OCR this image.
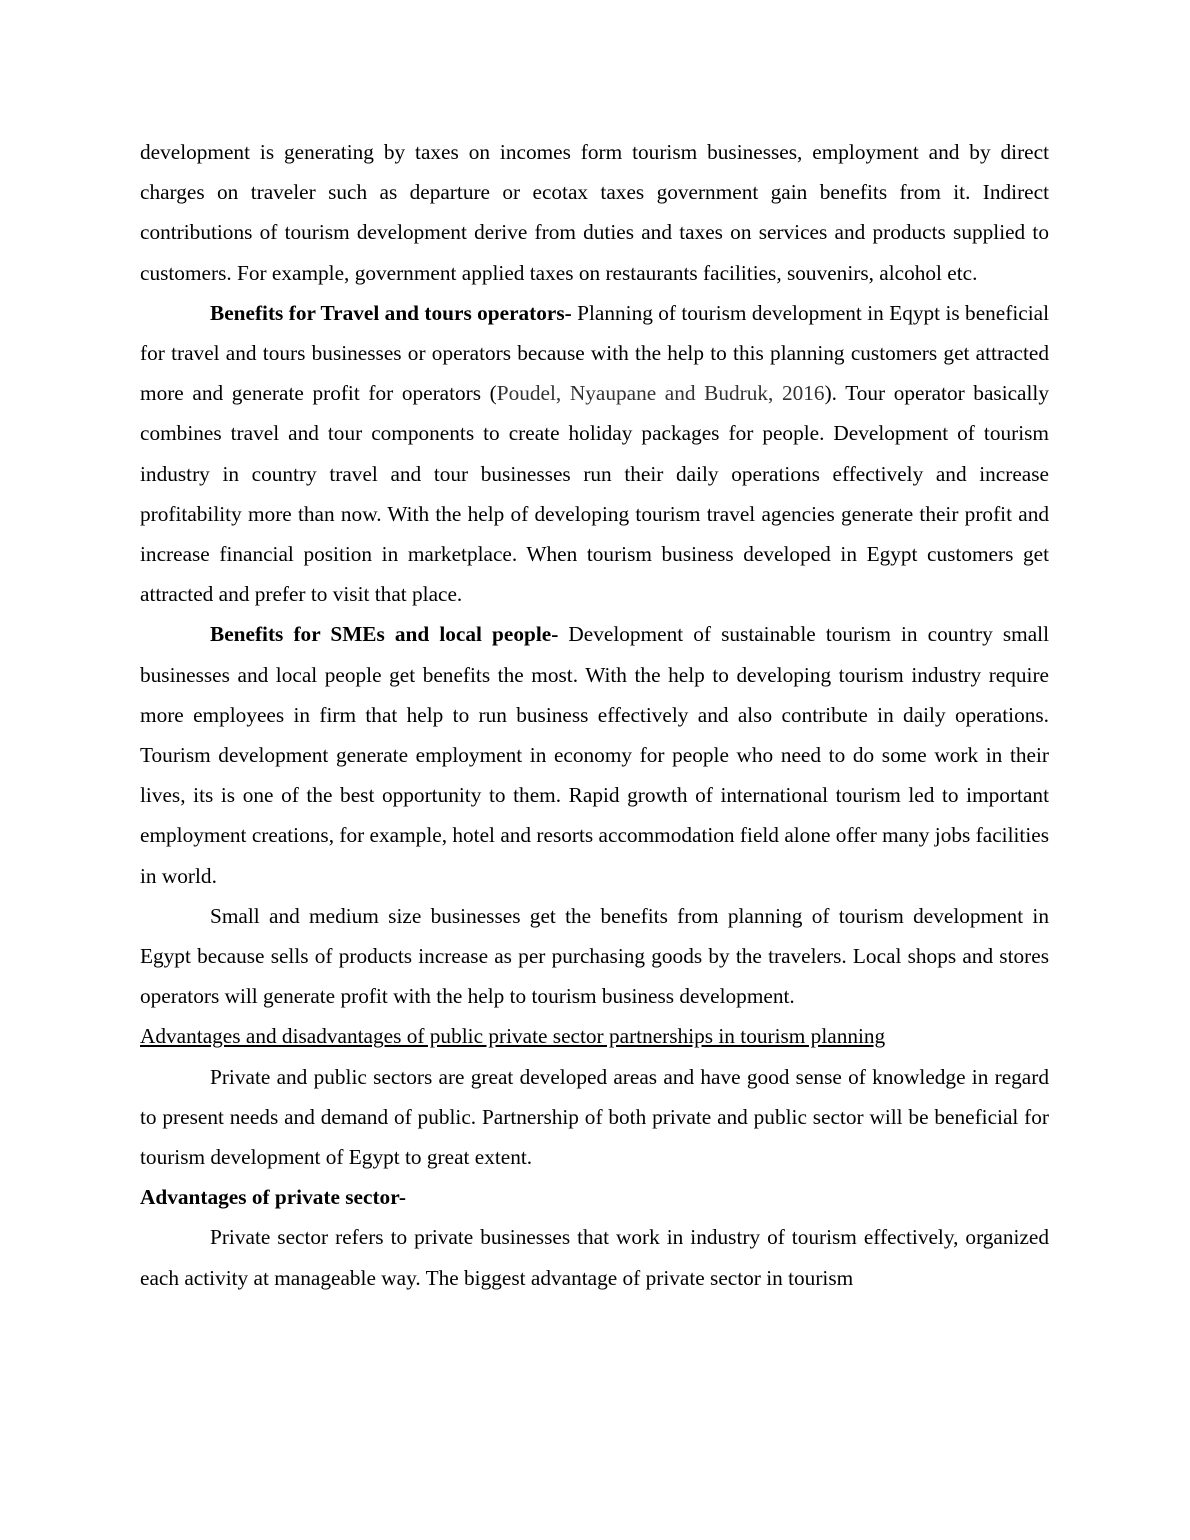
development is generating by taxes on incomes form tourism businesses, employment and by direct charges on traveler such as departure or ecotax taxes government gain benefits from it. Indirect contributions of tourism development derive from duties and taxes on services and products supplied to customers. For example, government applied taxes on restaurants facilities, souvenirs, alcohol etc.

Benefits for Travel and tours operators- Planning of tourism development in Eqypt is beneficial for travel and tours businesses or operators because with the help to this planning customers get attracted more and generate profit for operators (Poudel, Nyaupane and Budruk, 2016). Tour operator basically combines travel and tour components to create holiday packages for people. Development of tourism industry in country travel and tour businesses run their daily operations effectively and increase profitability more than now. With the help of developing tourism travel agencies generate their profit and increase financial position in marketplace. When tourism business developed in Egypt customers get attracted and prefer to visit that place.

Benefits for SMEs and local people- Development of sustainable tourism in country small businesses and local people get benefits the most. With the help to developing tourism industry require more employees in firm that help to run business effectively and also contribute in daily operations. Tourism development generate employment in economy for people who need to do some work in their lives, its is one of the best opportunity to them. Rapid growth of international tourism led to important employment creations, for example, hotel and resorts accommodation field alone offer many jobs facilities in world.

Small and medium size businesses get the benefits from planning of tourism development in Egypt because sells of products increase as per purchasing goods by the travelers. Local shops and stores operators will generate profit with the help to tourism business development.

Advantages and disadvantages of public private sector partnerships in tourism planning

Private and public sectors are great developed areas and have good sense of knowledge in regard to present needs and demand of public. Partnership of both private and public sector will be beneficial for tourism development of Egypt to great extent.

Advantages of private sector-

Private sector refers to private businesses that work in industry of tourism effectively, organized each activity at manageable way. The biggest advantage of private sector in tourism
